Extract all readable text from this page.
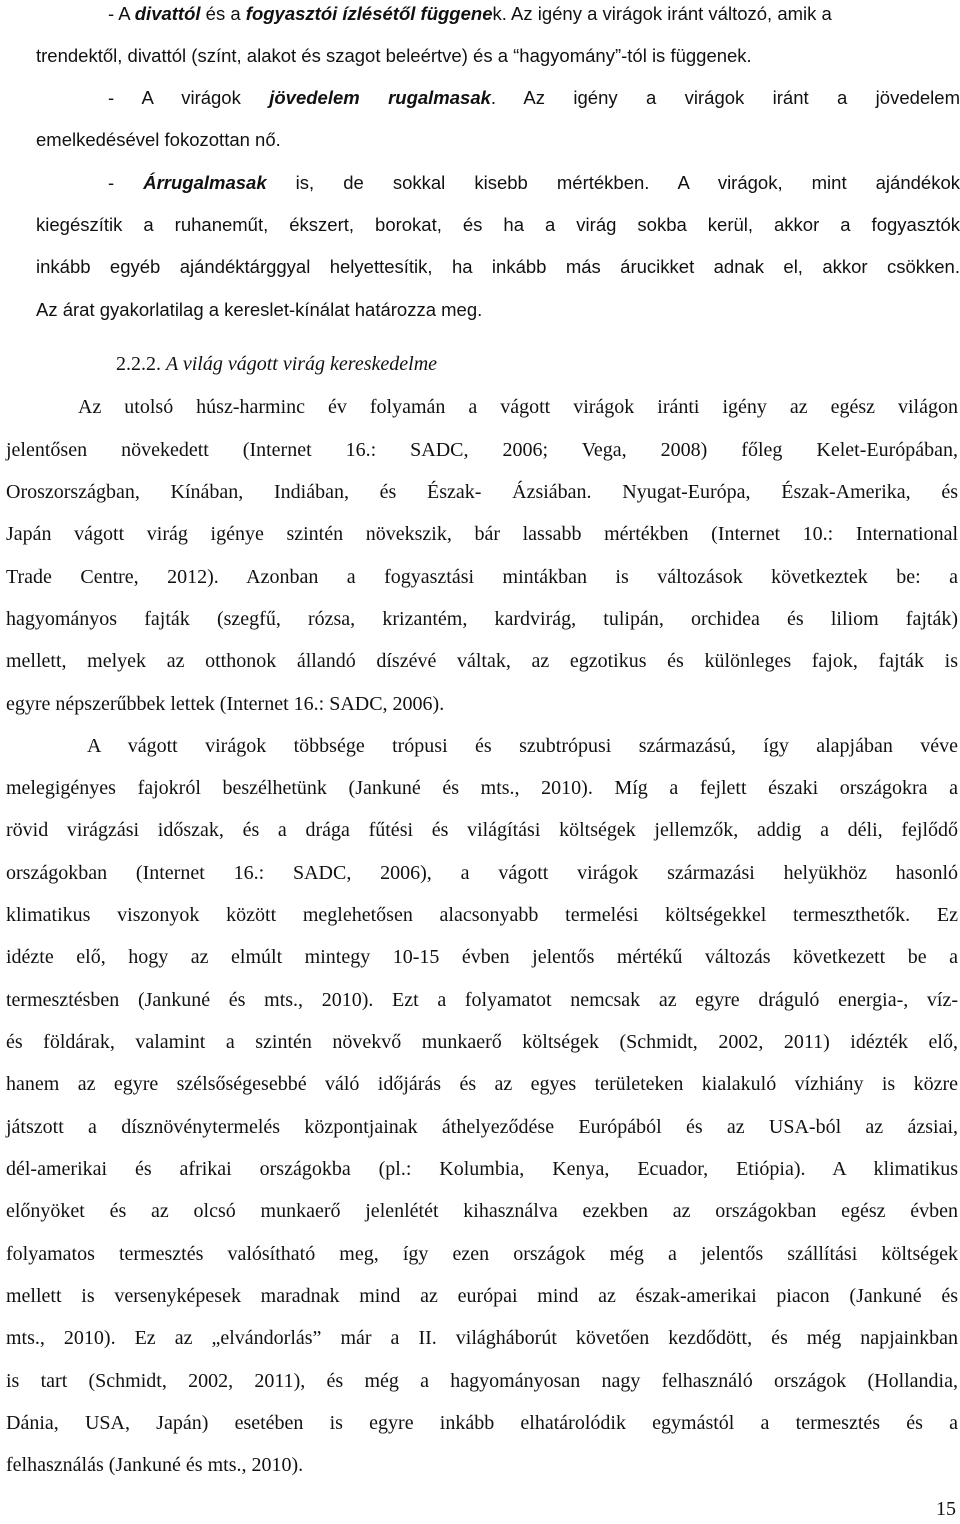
- A divattól és a fogyasztói ízlésétől függenek. Az igény a virágok iránt változó, amik a
trendektől, divattól (színt, alakot és szagot beleértve) és a “hagyomány”-tól is függenek.
- A virágok jövedelem rugalmasak. Az igény a virágok iránt a jövedelem
emelkedésével fokozottan nő.
- Árrugalmasak is, de sokkal kisebb mértékben. A virágok, mint ajándékok
kiegészítik a ruhaneműt, ékszert, borokat, és ha a virág sokba kerül, akkor a fogyasztók
inkább egyéb ajándéktárggyal helyettesítik, ha inkább más árucikket adnak el, akkor csökken.
Az árat gyakorlatilag a kereslet-kínálat határozza meg.
2.2.2. A világ vágott virág kereskedelme
Az utolsó húsz-harminc év folyamán a vágott virágok iránti igény az egész világon
jelentősen növekedett (Internet 16.: SADC, 2006; Vega, 2008) főleg Kelet-Európában,
Oroszországban, Kínában, Indiában, és Észak- Ázsiában. Nyugat-Európa, Észak-Amerika, és
Japán vágott virág igénye szintén növekszik, bár lassabb mértékben (Internet 10.: International
Trade Centre, 2012). Azonban a fogyasztási mintákban is változások következtek be: a
hagyományos fajták (szegfű, rózsa, krizantém, kardvirág, tulipán, orchidea és liliom fajták)
mellett, melyek az otthonok állandó díszévé váltak, az egzotikus és különleges fajok, fajták is
egyre népszerűbbek lettek (Internet 16.: SADC, 2006).
A vágott virágok többsége trópusi és szubtrópusi származású, így alapjában véve
melegigényes fajokról beszélhetünk (Jankuné és mts., 2010). Míg a fejlett északi országokra a
rövid virágzási időszak, és a drága fűtési és világítási költségek jellemzők, addig a déli, fejlődő
országokban (Internet 16.: SADC, 2006), a vágott virágok származási helyükhöz hasonló
klimatikus viszonyok között meglehetősen alacsonyabb termelési költségekkel termeszthetők. Ez
idézte elő, hogy az elmúlt mintegy 10-15 évben jelentős mértékű változás következett be a
termesztésben (Jankuné és mts., 2010). Ezt a folyamatot nemcsak az egyre dráguló energia-, víz-
és földárak, valamint a szintén növekvő munkaerő költségek (Schmidt, 2002, 2011) idézték elő,
hanem az egyre szélsőségesebbé váló időjárás és az egyes területeken kialakuló vízhiány is közre
játszott a dísznövénytermelés központjainak áthelyeződése Európából és az USA-ból az ázsiai,
dél-amerikai és afrikai országokba (pl.: Kolumbia, Kenya, Ecuador, Etiópia). A klimatikus
előnyöket és az olcsó munkaerő jelenlétét kihasználva ezekben az országokban egész évben
folyamatos termesztés valósítható meg, így ezen országok még a jelentős szállítási költségek
mellett is versenyképesek maradnak mind az európai mind az észak-amerikai piacon (Jankuné és
mts., 2010). Ez az „elvándorlás” már a II. világháborút követően kezdődött, és még napjainkban
is tart (Schmidt, 2002, 2011), és még a hagyományosan nagy felhasználó országok (Hollandia,
Dánia, USA, Japán) esetében is egyre inkább elhatárolódik egymástól a termesztés és a
felhasználás (Jankuné és mts., 2010).
15
